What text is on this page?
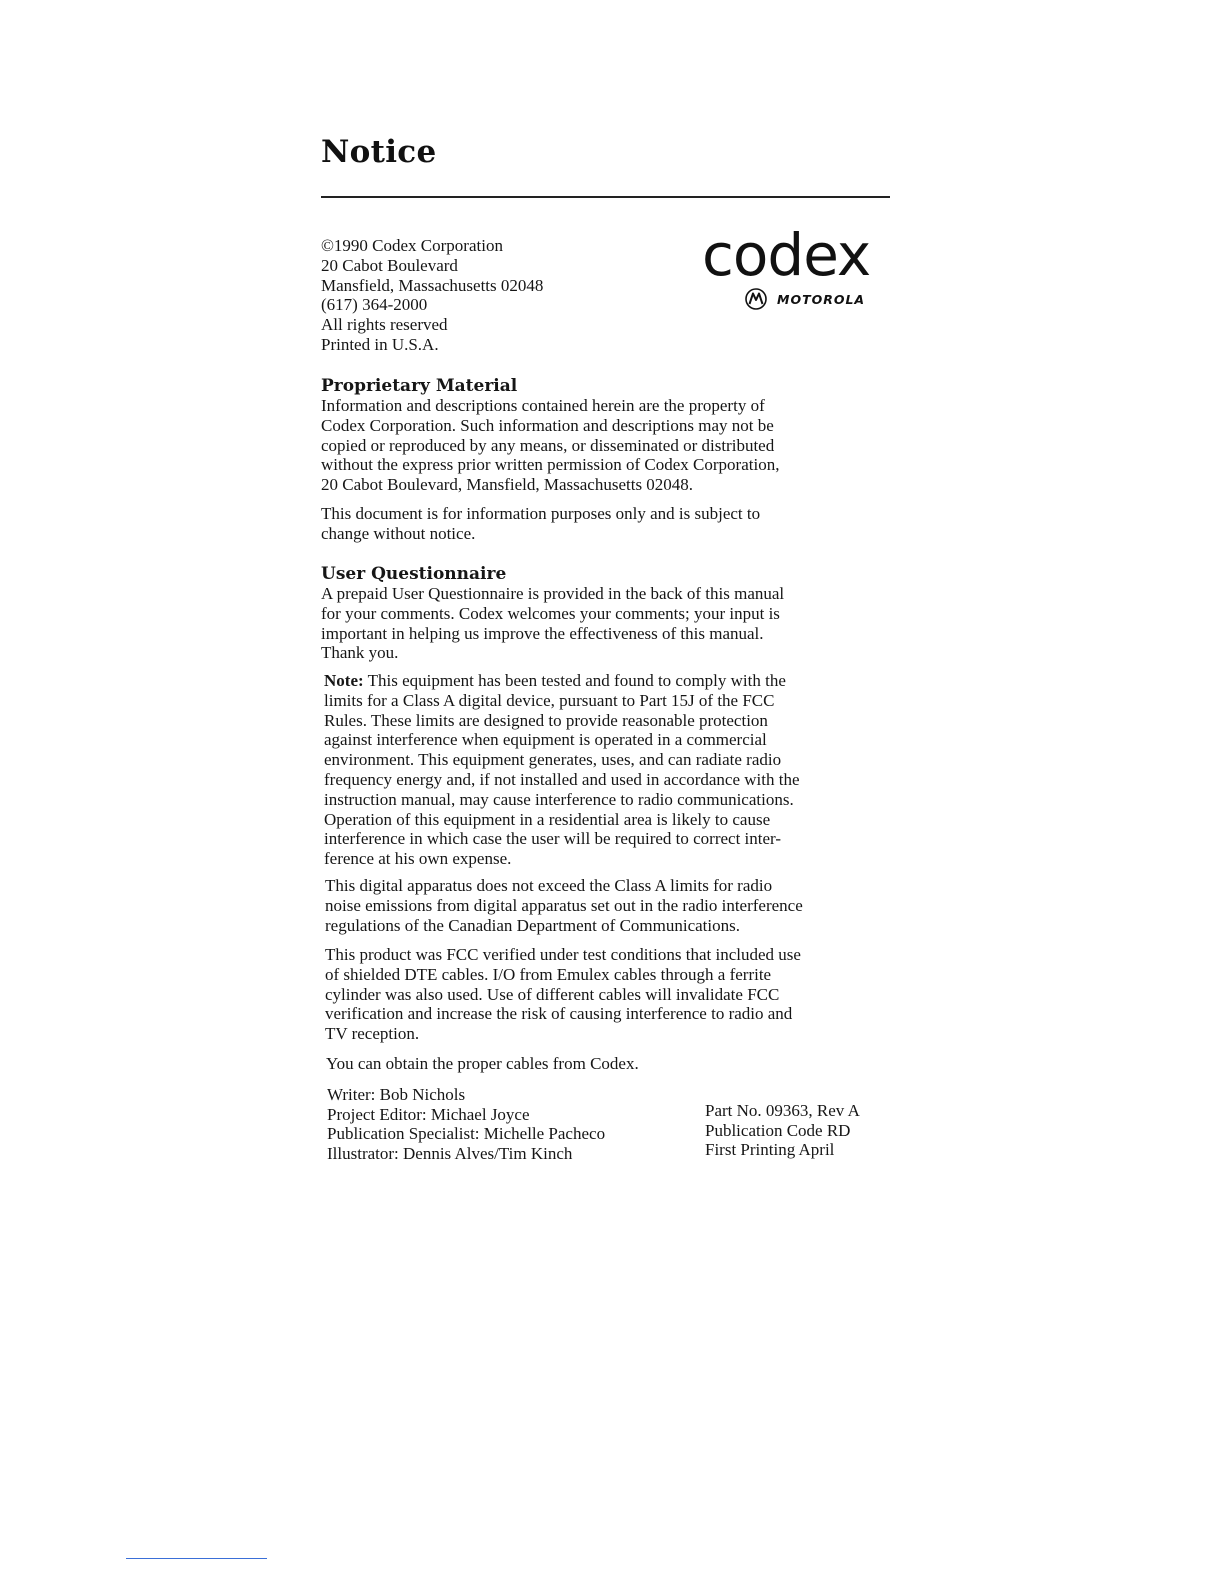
Notice
©1990 Codex Corporation
20 Cabot Boulevard
Mansfield, Massachusetts 02048
(617) 364-2000
All rights reserved
Printed in U.S.A.
codex
MOTOROLA
Proprietary Material
Information and descriptions contained herein are the property of
Codex Corporation. Such information and descriptions may not be
copied or reproduced by any means, or disseminated or distributed
without the express prior written permission of Codex Corporation,
20 Cabot Boulevard, Mansfield, Massachusetts 02048.
This document is for information purposes only and is subject to
change without notice.
User Questionnaire
A prepaid User Questionnaire is provided in the back of this manual
for your comments. Codex welcomes your comments; your input is
important in helping us improve the effectiveness of this manual.
Thank you.
Note: This equipment has been tested and found to comply with the
limits for a Class A digital device, pursuant to Part 15J of the FCC
Rules. These limits are designed to provide reasonable protection
against interference when equipment is operated in a commercial
environment. This equipment generates, uses, and can radiate radio
frequency energy and, if not installed and used in accordance with the
instruction manual, may cause interference to radio communications.
Operation of this equipment in a residential area is likely to cause
interference in which case the user will be required to correct inter-
ference at his own expense.
This digital apparatus does not exceed the Class A limits for radio
noise emissions from digital apparatus set out in the radio interference
regulations of the Canadian Department of Communications.
This product was FCC verified under test conditions that included use
of shielded DTE cables. I/O from Emulex cables through a ferrite
cylinder was also used. Use of different cables will invalidate FCC
verification and increase the risk of causing interference to radio and
TV reception.
You can obtain the proper cables from Codex.
Writer: Bob Nichols
Project Editor: Michael Joyce
Publication Specialist: Michelle Pacheco
Illustrator: Dennis Alves/Tim Kinch
Part No. 09363, Rev A
Publication Code RD
First Printing April
